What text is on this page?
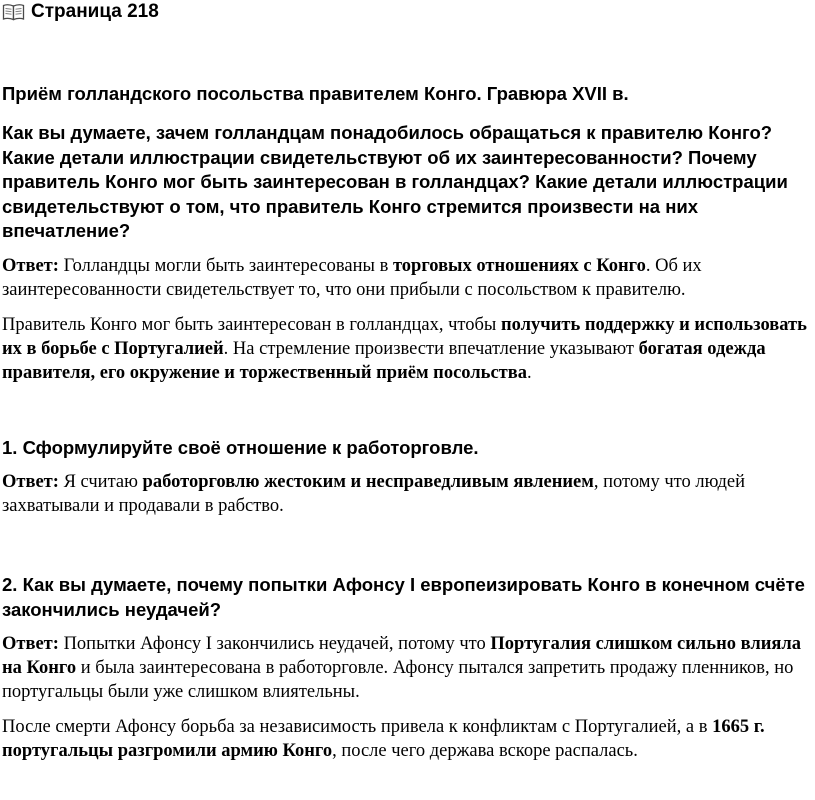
Страница 218

Приём голландского посольства правителем Конго. Гравюра XVII в.

Как вы думаете, зачем голландцам понадобилось обращаться к правителю Конго? Какие детали иллюстрации свидетельствуют об их заинтересованности? Почему правитель Конго мог быть заинтересован в голландцах? Какие детали иллюстрации свидетельствуют о том, что правитель Конго стремится произвести на них впечатление?

Ответ: Голландцы могли быть заинтересованы в торговых отношениях с Конго. Об их заинтересованности свидетельствует то, что они прибыли с посольством к правителю.

Правитель Конго мог быть заинтересован в голландцах, чтобы получить поддержку и использовать их в борьбе с Португалией. На стремление произвести впечатление указывают богатая одежда правителя, его окружение и торжественный приём посольства.

1. Сформулируйте своё отношение к работорговле.

Ответ: Я считаю работорговлю жестоким и несправедливым явлением, потому что людей захватывали и продавали в рабство.

2. Как вы думаете, почему попытки Афонсу I европеизировать Конго в конечном счёте закончились неудачей?

Ответ: Попытки Афонсу I закончились неудачей, потому что Португалия слишком сильно влияла на Конго и была заинтересована в работорговле. Афонсу пытался запретить продажу пленников, но португальцы были уже слишком влиятельны.

После смерти Афонсу борьба за независимость привела к конфликтам с Португалией, а в 1665 г. португальцы разгромили армию Конго, после чего держава вскоре распалась.
